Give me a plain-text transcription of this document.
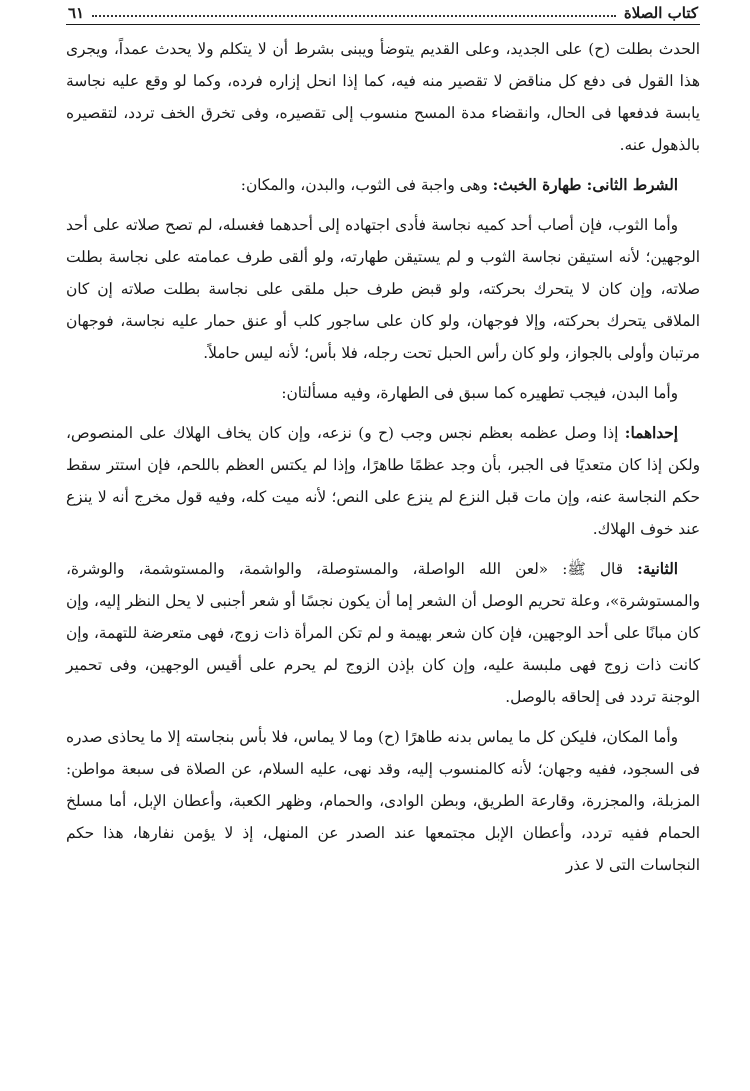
كتاب الصلاة
٦١

الحدث بطلت (ح) على الجديد، وعلى القديم يتوضأ ويبنى بشرط أن لا يتكلم ولا يحدث عمداً، ويجرى هذا القول فى دفع كل مناقض لا تقصير منه فيه، كما إذا انحل إزاره فرده، وكما لو وقع عليه نجاسة يابسة فدفعها فى الحال، وانقضاء مدة المسح منسوب إلى تقصيره، وفى تخرق الخف تردد، لتقصيره بالذهول عنه.

الشرط الثانى: طهارة الخبث: وهى واجبة فى الثوب، والبدن، والمكان:

وأما الثوب، فإن أصاب أحد كميه نجاسة فأدى اجتهاده إلى أحدهما فغسله، لم تصح صلاته على أحد الوجهين؛ لأنه استيقن نجاسة الثوب و لم يستيقن طهارته، ولو ألقى طرف عمامته على نجاسة بطلت صلاته، وإن كان لا يتحرك بحركته، ولو قبض طرف حبل ملقى على نجاسة بطلت صلاته إن كان الملاقى يتحرك بحركته، وإلا فوجهان، ولو كان على ساجور كلب أو عنق حمار عليه نجاسة، فوجهان مرتبان وأولى بالجواز، ولو كان رأس الحبل تحت رجله، فلا بأس؛ لأنه ليس حاملاً.

وأما البدن، فيجب تطهيره كما سبق فى الطهارة، وفيه مسألتان:

إحداهما: إذا وصل عظمه بعظم نجس وجب (ح و) نزعه، وإن كان يخاف الهلاك على المنصوص، ولكن إذا كان متعديًا فى الجبر، بأن وجد عظمًا طاهرًا، وإذا لم يكتس العظم باللحم، فإن استتر سقط حكم النجاسة عنه، وإن مات قبل النزع لم ينزع على النص؛ لأنه ميت كله، وفيه قول مخرج أنه لا ينزع عند خوف الهلاك.

الثانية: قال ﷺ: «لعن الله الواصلة، والمستوصلة، والواشمة، والمستوشمة، والوشرة، والمستوشرة»، وعلة تحريم الوصل أن الشعر إما أن يكون نجسًا أو شعر أجنبى لا يحل النظر إليه، وإن كان مبانًا على أحد الوجهين، فإن كان شعر بهيمة و لم تكن المرأة ذات زوج، فهى متعرضة للتهمة، وإن كانت ذات زوج فهى ملبسة عليه، وإن كان بإذن الزوج لم يحرم على أقيس الوجهين، وفى تحمير الوجنة تردد فى إلحاقه بالوصل.

وأما المكان، فليكن كل ما يماس بدنه طاهرًا (ح) وما لا يماس، فلا بأس بنجاسته إلا ما يحاذى صدره فى السجود، ففيه وجهان؛ لأنه كالمنسوب إليه، وقد نهى، عليه السلام، عن الصلاة فى سبعة مواطن: المزبلة، والمجزرة، وقارعة الطريق، وبطن الوادى، والحمام، وظهر الكعبة، وأعطان الإبل، أما مسلخ الحمام ففيه تردد، وأعطان الإبل مجتمعها عند الصدر عن المنهل، إذ لا يؤمن نفارها، هذا حكم النجاسات التى لا عذر
